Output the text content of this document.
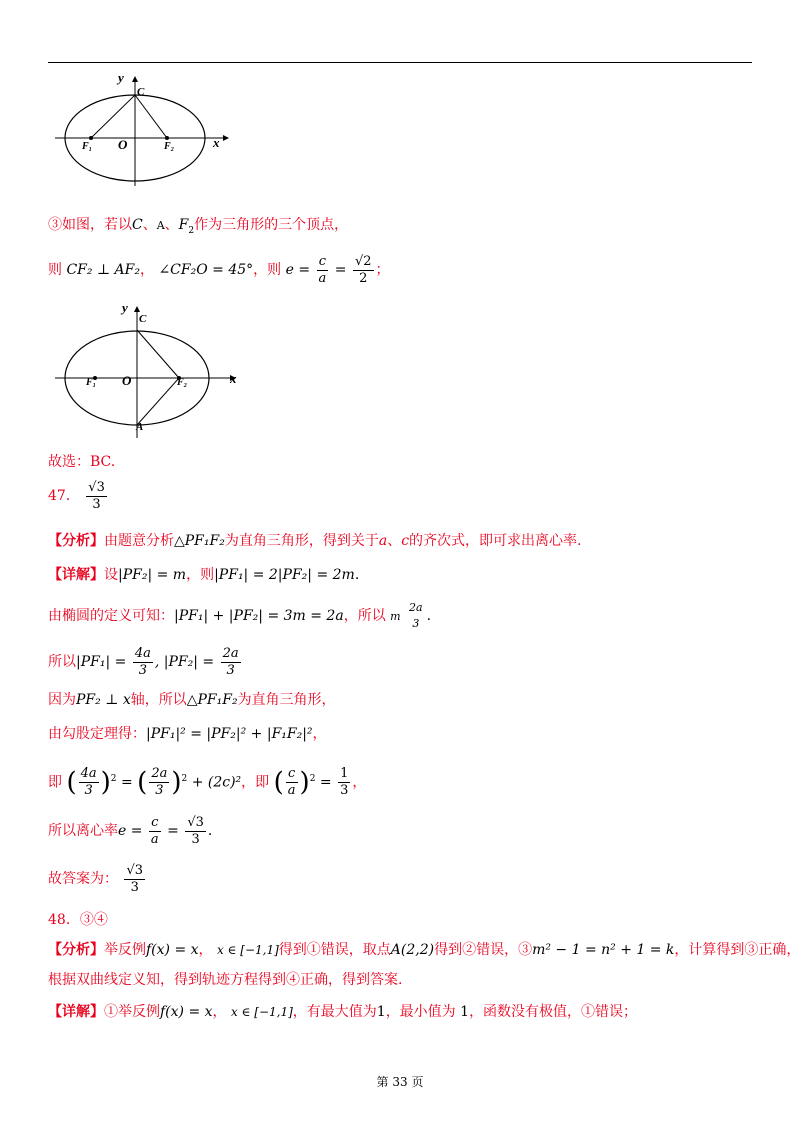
y
C
x
O
F₁	F₂
③如图，若以C、A、$F_2$作为三角形的三个顶点，
则 CF₂ ⊥ AF₂， ∠CF₂O = 45°，则 $e = \frac{c}{a} = \frac{√2}{2}$ ；
y
C
x
O
F₁	F₂
A
故选：BC.
47． $\frac{√3}{3}$
【分析】由题意分析△PF₁F₂为直角三角形，得到关于a、c的齐次式，即可求出离心率.
【详解】设|PF₂| = m，则|PF₁| = 2|PF₂| = 2m.
由椭圆的定义可知：|PF₁| + |PF₂| = 3m = 2a，所以 m
2a
3 .
所以$|PF_1| = \frac{4a}{3}$ , $|PF_2| = \frac{2a}{3}$
因为PF₂ ⊥ x轴，所以△PF₁F₂为直角三角形，
由勾股定理得：|PF₁|² = |PF₂|² + |F₁F₂|²，
即 ( $\frac{4a}{3} )^2$ = ( $\frac{2a}{3} )^2 + (2c)^2$，即 ( $\frac{c}{a} )^2 = \frac{1}{3}$ ，
所以离心率$e = \frac{c}{a} = \frac{√3}{3}$ .
故答案为： $\frac{√3}{3}$
48．③④
【分析】举反例f(x) = x， x ∈ [−1,1]得到①错误，取点A(2,2)得到②错误，③m² − 1 = n² + 1 = k，计算得到③正确，
根据双曲线定义知，得到轨迹方程得到④正确，得到答案.
【详解】①举反例f(x) = x， x ∈ [−1,1]，有最大值为1，最小值为 1，函数没有极值，①错误；
第 33 页
